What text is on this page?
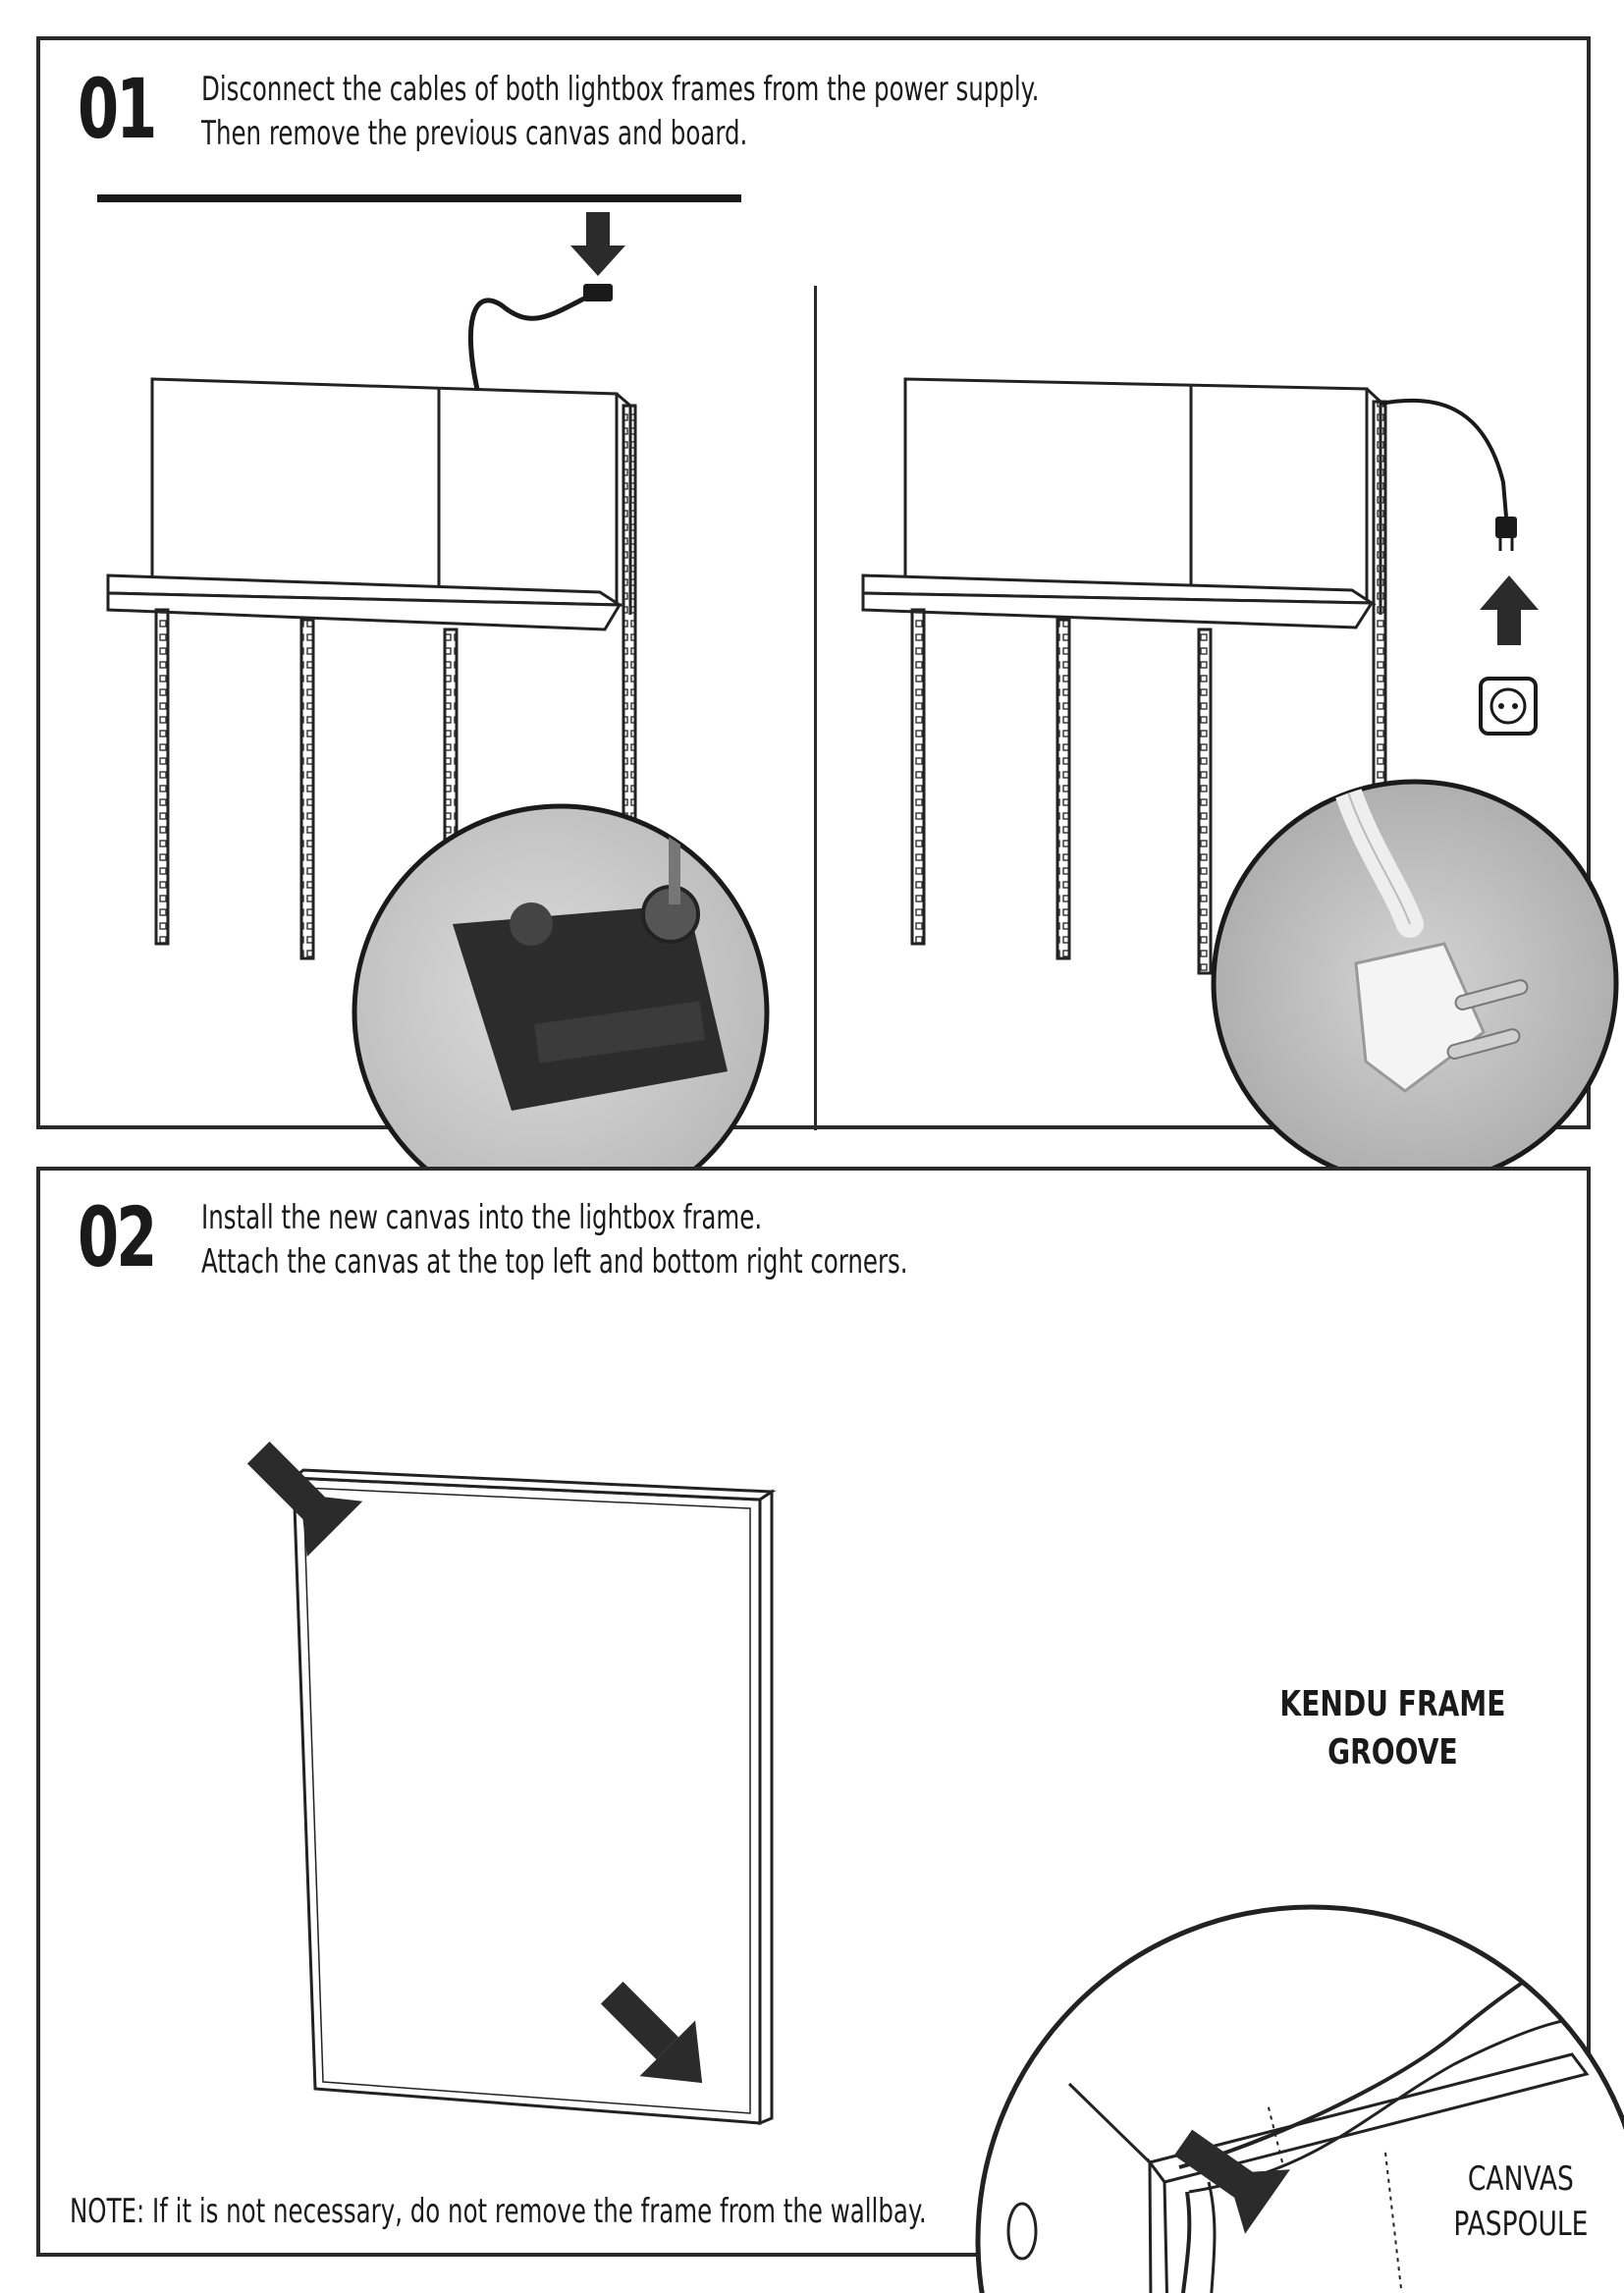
01 Disconnect the cables of both lightbox frames from the power supply.
Then remove the previous canvas and board.
02 Install the new canvas into the lightbox frame.
Attach the canvas at the top left and bottom right corners.
KENDU FRAME
GROOVE
CANVAS
PASPOULE
NOTE: If it is not necessary, do not remove the frame from the wallbay.
